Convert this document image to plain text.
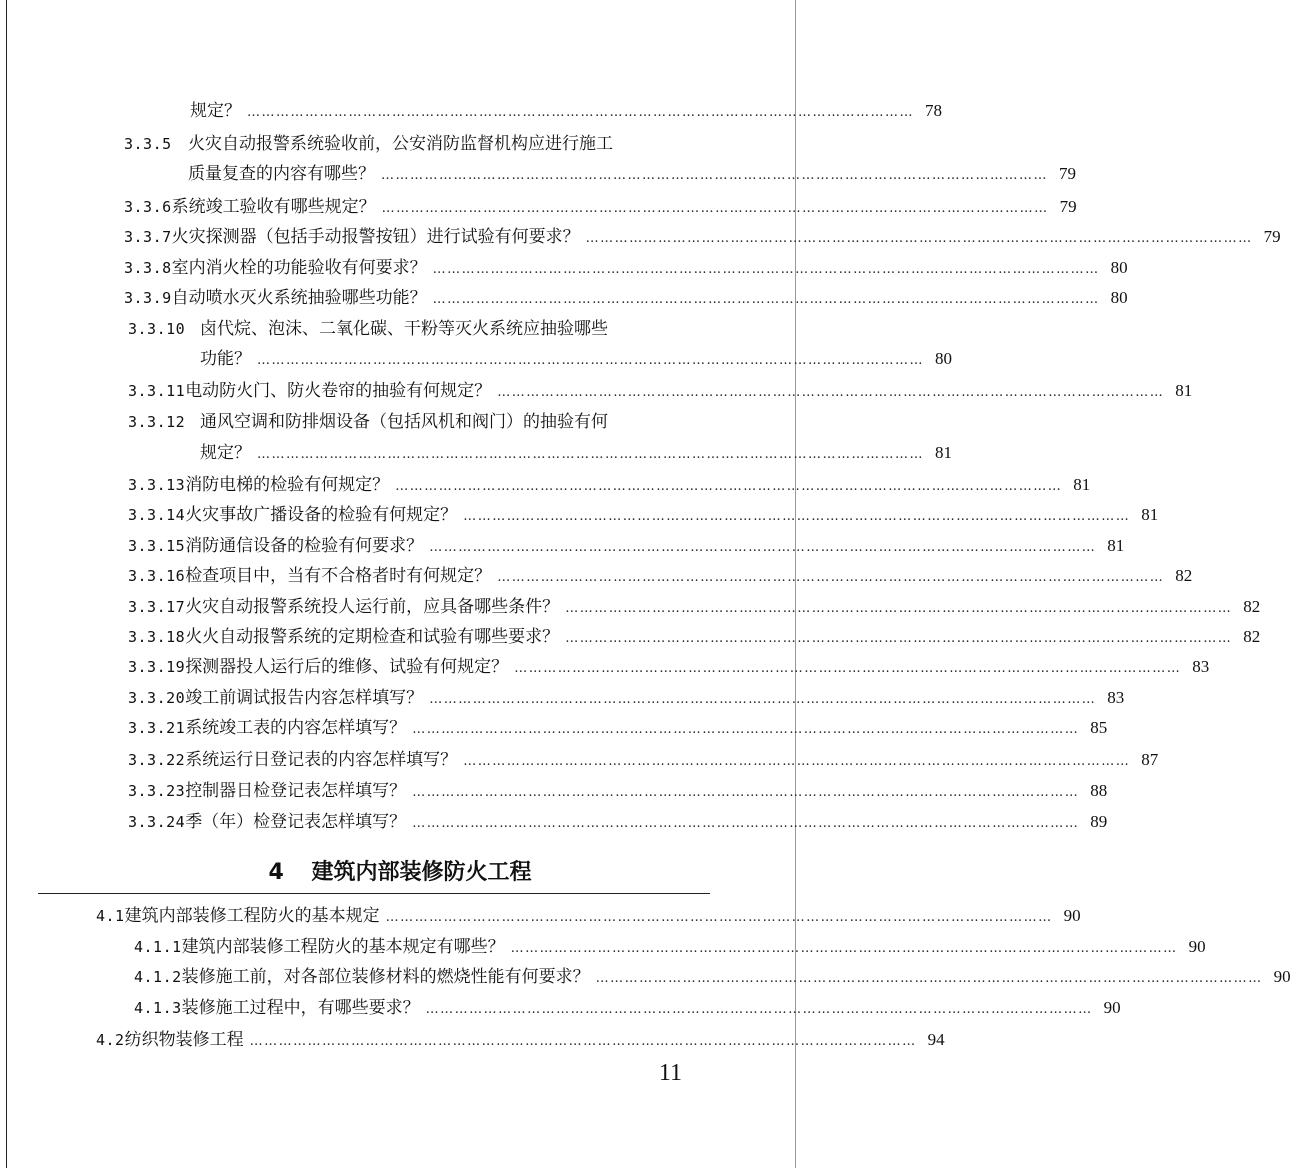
规定？ ………………………………………………………………………………………………………………………… 78
3.3.5 火灾自动报警系统验收前，公安消防监督机构应进行施工
质量复查的内容有哪些？ ………………………………………………………………………………………………………………………… 79
3.3.6 系统竣工验收有哪些规定？ ………………………………………………………………………………………………………………………… 79
3.3.7 火灾探测器（包括手动报警按钮）进行试验有何要求？ ………………………………………………………………………………………………………………………… 79
3.3.8 室内消火栓的功能验收有何要求？ ………………………………………………………………………………………………………………………… 80
3.3.9 自动喷水灭火系统抽验哪些功能？ ………………………………………………………………………………………………………………………… 80
3.3.10 卤代烷、泡沫、二氧化碳、干粉等灭火系统应抽验哪些
功能？ ………………………………………………………………………………………………………………………… 80
3.3.11 电动防火门、防火卷帘的抽验有何规定？ ………………………………………………………………………………………………………………………… 81
3.3.12 通风空调和防排烟设备（包括风机和阀门）的抽验有何
规定？ ………………………………………………………………………………………………………………………… 81
3.3.13 消防电梯的检验有何规定？ ………………………………………………………………………………………………………………………… 81
3.3.14 火灾事故广播设备的检验有何规定？ ………………………………………………………………………………………………………………………… 81
3.3.15 消防通信设备的检验有何要求？ ………………………………………………………………………………………………………………………… 81
3.3.16 检查项目中，当有不合格者时有何规定？ ………………………………………………………………………………………………………………………… 82
3.3.17 火灾自动报警系统投人运行前，应具备哪些条件？ ………………………………………………………………………………………………………………………… 82
3.3.18 火火自动报警系统的定期检查和试验有哪些要求？ ………………………………………………………………………………………………………………………… 82
3.3.19 探测器投人运行后的维修、试验有何规定？ ………………………………………………………………………………………………………………………… 83
3.3.20 竣工前调试报告内容怎样填写？ ………………………………………………………………………………………………………………………… 83
3.3.21 系统竣工表的内容怎样填写？ ………………………………………………………………………………………………………………………… 85
3.3.22 系统运行日登记表的内容怎样填写？ ………………………………………………………………………………………………………………………… 87
3.3.23 控制器日检登记表怎样填写？ ………………………………………………………………………………………………………………………… 88
3.3.24 季（年）检登记表怎样填写？ ………………………………………………………………………………………………………………………… 89
4 建筑内部装修防火工程
4.1 建筑内部装修工程防火的基本规定 ………………………………………………………………………………………………………………………… 90
4.1.1 建筑内部装修工程防火的基本规定有哪些？ ………………………………………………………………………………………………………………………… 90
4.1.2 装修施工前，对各部位装修材料的燃烧性能有何要求？ ………………………………………………………………………………………………………………………… 90
4.1.3 装修施工过程中，有哪些要求？ ………………………………………………………………………………………………………………………… 90
4.2 纺织物装修工程 ………………………………………………………………………………………………………………………… 94
11
